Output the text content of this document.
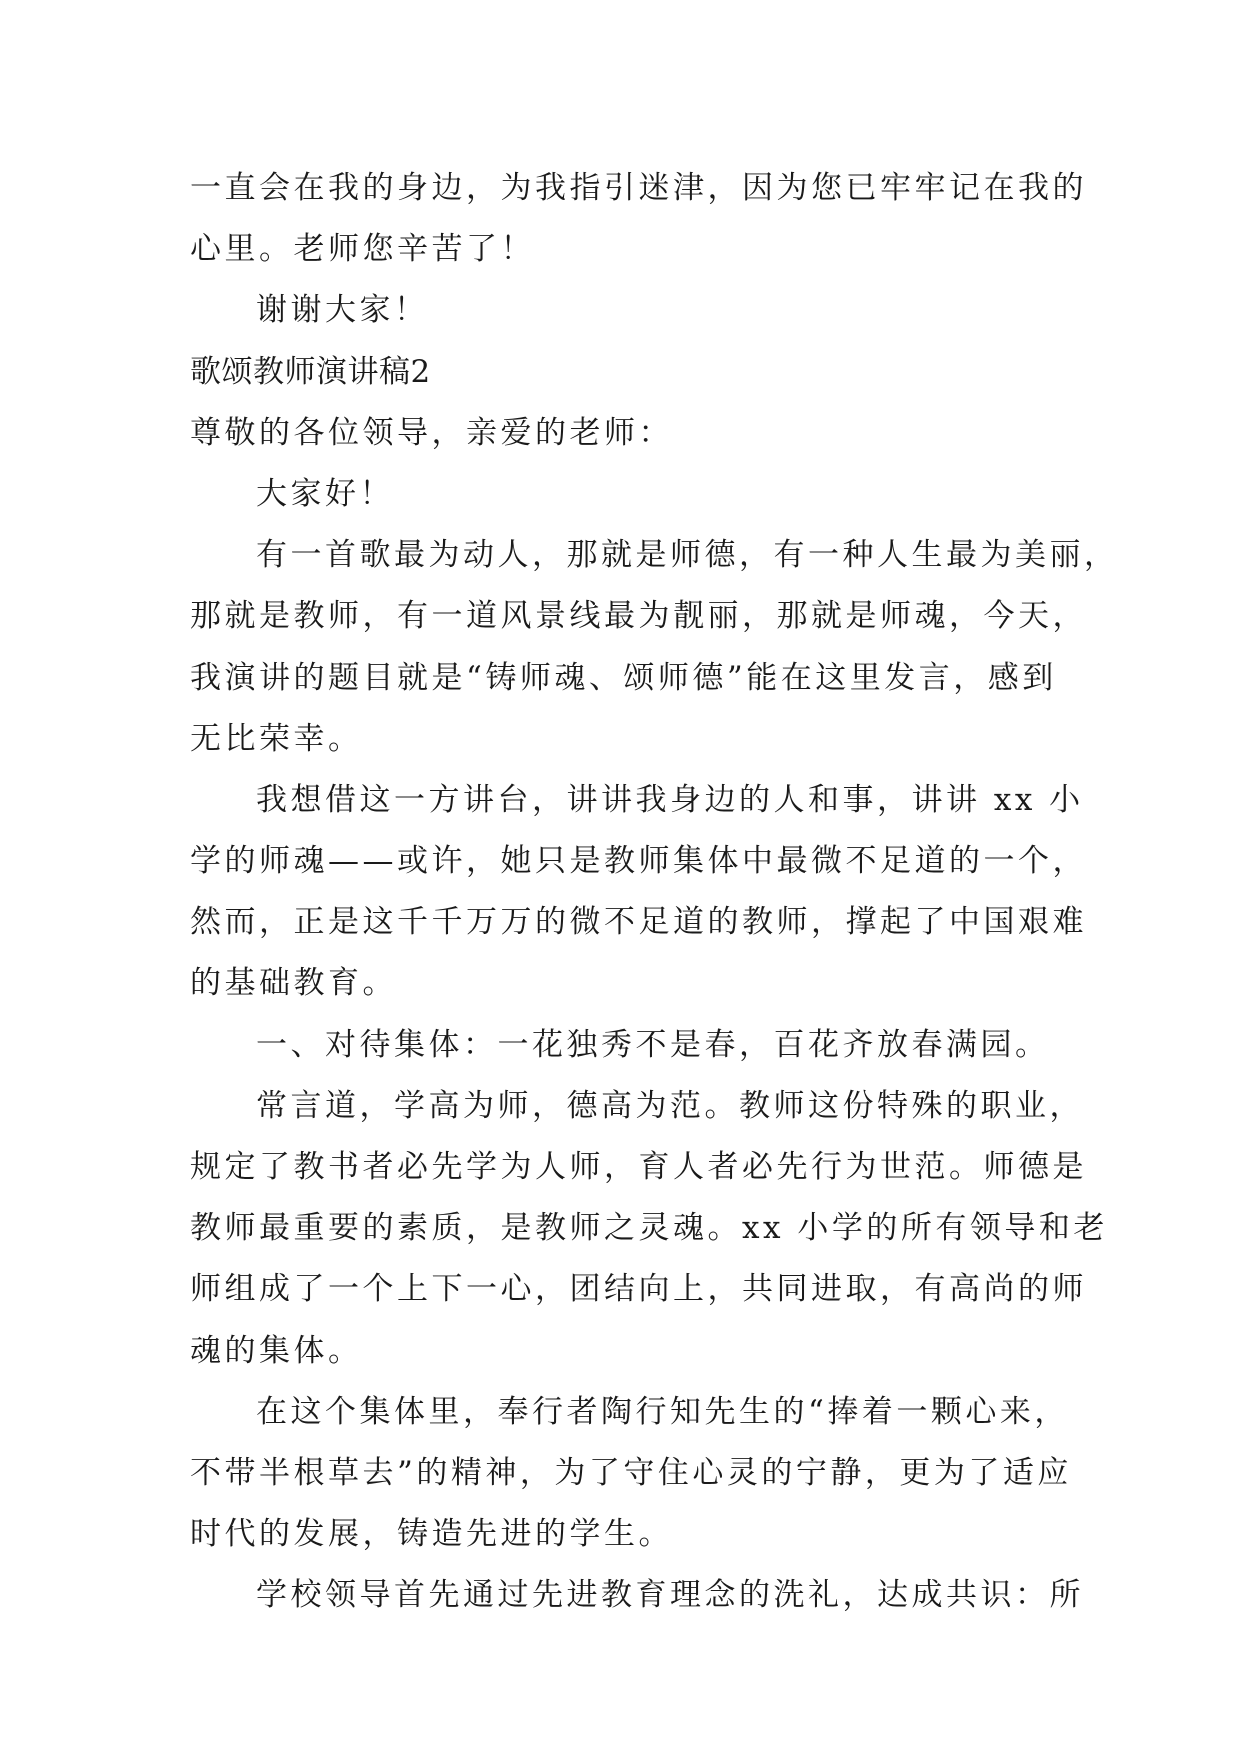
一直会在我的身边，为我指引迷津，因为您已牢牢记在我的
心里。老师您辛苦了！
谢谢大家！
歌颂教师演讲稿2
尊敬的各位领导，亲爱的老师：
大家好！
有一首歌最为动人，那就是师德，有一种人生最为美丽，
那就是教师，有一道风景线最为靓丽，那就是师魂，今天，
我演讲的题目就是“铸师魂、颂师德”能在这里发言，感到
无比荣幸。
我想借这一方讲台，讲讲我身边的人和事，讲讲 xx 小
学的师魂——或许，她只是教师集体中最微不足道的一个，
然而，正是这千千万万的微不足道的教师，撑起了中国艰难
的基础教育。
一、对待集体：一花独秀不是春，百花齐放春满园。
常言道，学高为师，德高为范。教师这份特殊的职业，
规定了教书者必先学为人师，育人者必先行为世范。师德是
教师最重要的素质，是教师之灵魂。xx 小学的所有领导和老
师组成了一个上下一心，团结向上，共同进取，有高尚的师
魂的集体。
在这个集体里，奉行者陶行知先生的“捧着一颗心来，
不带半根草去”的精神，为了守住心灵的宁静，更为了适应
时代的发展，铸造先进的学生。
学校领导首先通过先进教育理念的洗礼，达成共识：所
